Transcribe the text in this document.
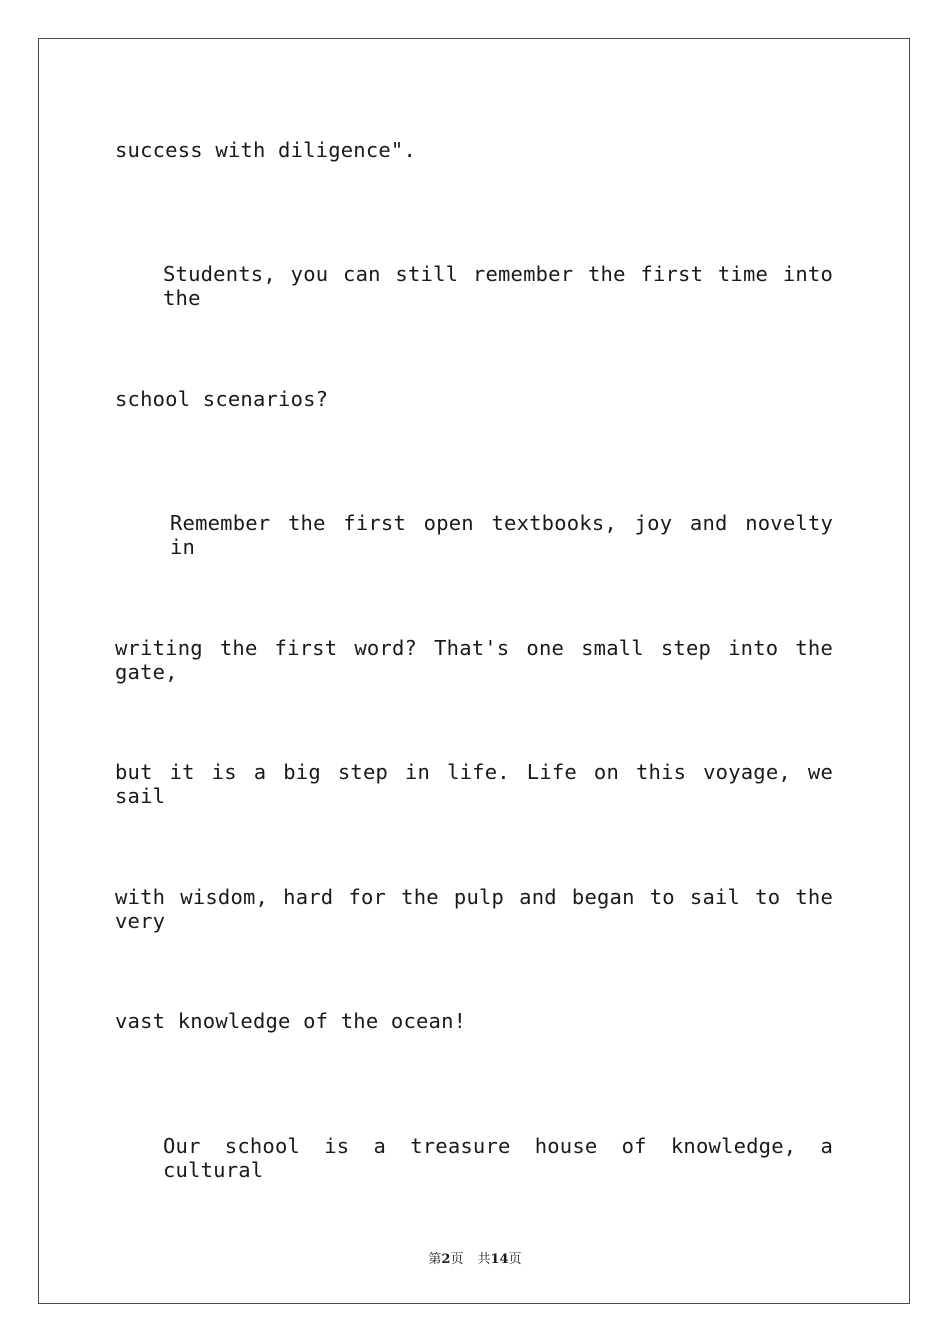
success with diligence".
Students, you can still remember the first time into the
school scenarios?
Remember the first open textbooks, joy and novelty in
writing the first word? That's one small step into the gate,
but it is a big step in life. Life on this voyage, we sail
with wisdom, hard for the pulp and began to sail to the very
vast knowledge of the ocean!
Our school is a treasure house of knowledge, a cultural
第2页 共14页
